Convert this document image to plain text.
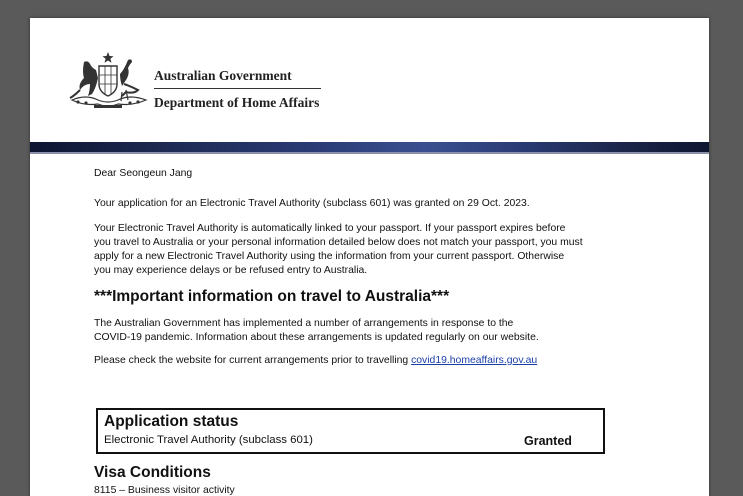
Australian Government
Department of Home Affairs
Dear Seongeun Jang
Your application for an Electronic Travel Authority (subclass 601) was granted on 29 Oct. 2023.
Your Electronic Travel Authority is automatically linked to your passport. If your passport expires before
you travel to Australia or your personal information detailed below does not match your passport, you must
apply for a new Electronic Travel Authority using the information from your current passport. Otherwise
you may experience delays or be refused entry to Australia.
***Important information on travel to Australia***
The Australian Government has implemented a number of arrangements in response to the
COVID-19 pandemic. Information about these arrangements is updated regularly on our website.
Please check the website for current arrangements prior to travelling covid19.homeaffairs.gov.au
Application status
Electronic Travel Authority (subclass 601)	Granted
Visa Conditions
8115 – Business visitor activity
